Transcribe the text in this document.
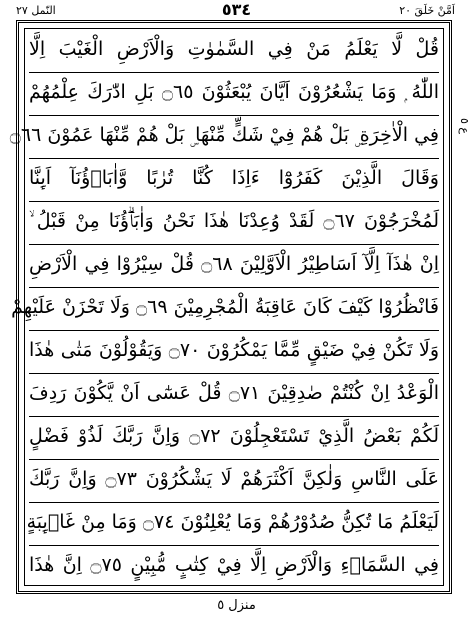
النّمل ٢٧	٥٣٤	اَمَّنْ خَلَقَ ٢٠
قُلْ لَّا يَعْلَمُ مَنْ فِي السَّمٰوٰتِ وَالْاَرْضِ الْغَيْبَ اِلَّا
اللّٰهُ ۭ وَمَا يَشْعُرُوْنَ اَيَّانَ يُبْعَثُوْنَ ۝٦٥ بَلِ ادّٰرَكَ عِلْمُهُمْ
فِي الْاٰخِرَةِ ۣ بَلْ هُمْ فِيْ شَكٍّ مِّنْهَا ۣ بَلْ هُمْ مِّنْهَا عَمُوْنَ ۝٦٦
وَقَالَ الَّذِيْنَ كَفَرُوْٓا ءَاِذَا كُنَّا تُرٰبًا وَّاٰبَاۗؤُنَآ اَىِٕنَّا
لَمُخْرَجُوْنَ ۝٦٧ لَقَدْ وُعِدْنَا هٰذَا نَحْنُ وَاٰبَاۗؤُنَا مِنْ قَبْلُ ۙ
اِنْ هٰذَآ اِلَّآ اَسَاطِيْرُ الْاَوَّلِيْنَ ۝٦٨ قُلْ سِيْرُوْا فِي الْاَرْضِ
فَانْظُرُوْا كَيْفَ كَانَ عَاقِبَةُ الْمُجْرِمِيْنَ ۝٦٩ وَلَا تَحْزَنْ عَلَيْهِمْ
وَلَا تَكُنْ فِيْ ضَيْقٍ مِّمَّا يَمْكُرُوْنَ ۝٧٠ وَيَقُوْلُوْنَ مَتٰى هٰذَا
الْوَعْدُ اِنْ كُنْتُمْ صٰدِقِيْنَ ۝٧١ قُلْ عَسٰٓى اَنْ يَّكُوْنَ رَدِفَ
لَكُمْ بَعْضُ الَّذِيْ تَسْتَعْجِلُوْنَ ۝٧٢ وَاِنَّ رَبَّكَ لَذُوْ فَضْلٍ
عَلَى النَّاسِ وَلٰكِنَّ اَكْثَرَهُمْ لَا يَشْكُرُوْنَ ۝٧٣ وَاِنَّ رَبَّكَ
لَيَعْلَمُ مَا تُكِنُّ صُدُوْرُهُمْ وَمَا يُعْلِنُوْنَ ۝٧٤ وَمَا مِنْ غَاۗىِٕبَةٍ
فِي السَّمَاۗءِ وَالْاَرْضِ اِلَّا فِيْ كِتٰبٍ مُّبِيْنٍ ۝٧٥ اِنَّ هٰذَا
ع ٥
منزل ٥
